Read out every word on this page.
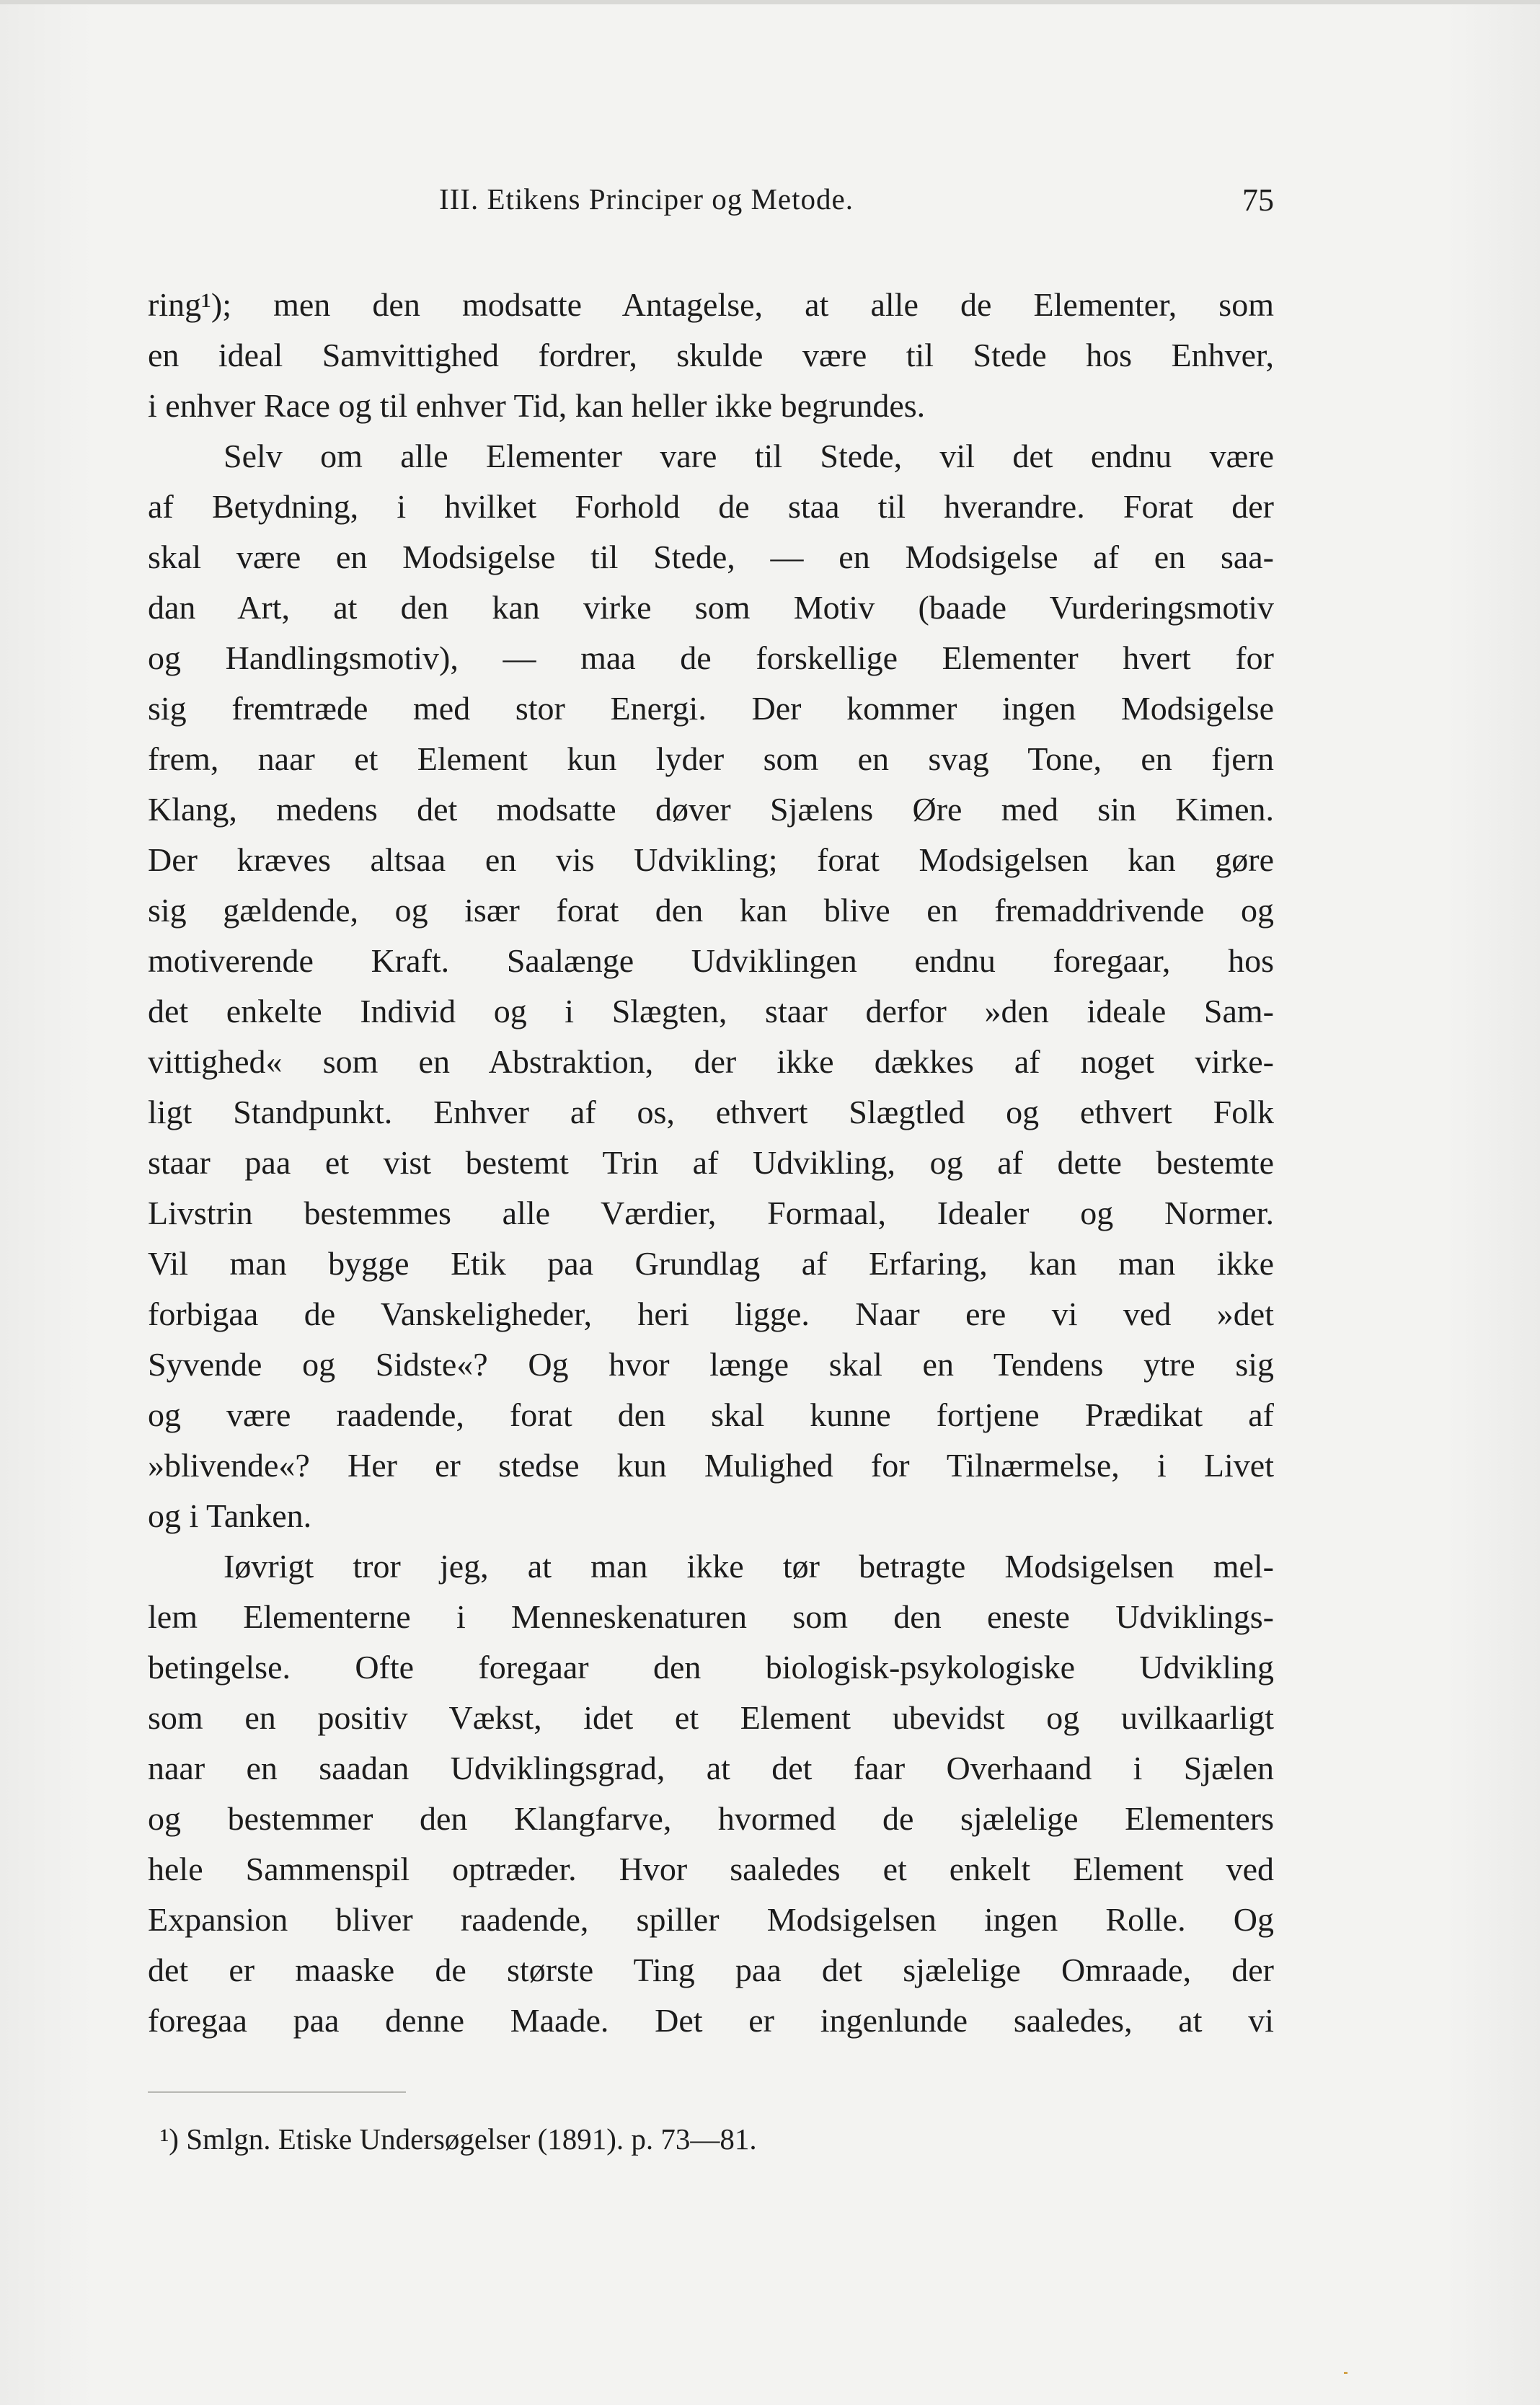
III. Etikens Principer og Metode.	75
ring¹); men den modsatte Antagelse, at alle de Elementer, som
en ideal Samvittighed fordrer, skulde være til Stede hos Enhver,
i enhver Race og til enhver Tid, kan heller ikke begrundes.
Selv om alle Elementer vare til Stede, vil det endnu være
af Betydning, i hvilket Forhold de staa til hverandre. Forat der
skal være en Modsigelse til Stede, — en Modsigelse af en saa-
dan Art, at den kan virke som Motiv (baade Vurderingsmotiv
og Handlingsmotiv), — maa de forskellige Elementer hvert for
sig fremtræde med stor Energi. Der kommer ingen Modsigelse
frem, naar et Element kun lyder som en svag Tone, en fjern
Klang, medens det modsatte døver Sjælens Øre med sin Kimen.
Der kræves altsaa en vis Udvikling; forat Modsigelsen kan gøre
sig gældende, og især forat den kan blive en fremaddrivende og
motiverende Kraft. Saalænge Udviklingen endnu foregaar, hos
det enkelte Individ og i Slægten, staar derfor »den ideale Sam-
vittighed« som en Abstraktion, der ikke dækkes af noget virke-
ligt Standpunkt. Enhver af os, ethvert Slægtled og ethvert Folk
staar paa et vist bestemt Trin af Udvikling, og af dette bestemte
Livstrin bestemmes alle Værdier, Formaal, Idealer og Normer.
Vil man bygge Etik paa Grundlag af Erfaring, kan man ikke
forbigaa de Vanskeligheder, heri ligge. Naar ere vi ved »det
Syvende og Sidste«? Og hvor længe skal en Tendens ytre sig
og være raadende, forat den skal kunne fortjene Prædikat af
»blivende«? Her er stedse kun Mulighed for Tilnærmelse, i Livet
og i Tanken.
Iøvrigt tror jeg, at man ikke tør betragte Modsigelsen mel-
lem Elementerne i Menneskenaturen som den eneste Udviklings-
betingelse. Ofte foregaar den biologisk-psykologiske Udvikling
som en positiv Vækst, idet et Element ubevidst og uvilkaarligt
naar en saadan Udviklingsgrad, at det faar Overhaand i Sjælen
og bestemmer den Klangfarve, hvormed de sjælelige Elementers
hele Sammenspil optræder. Hvor saaledes et enkelt Element ved
Expansion bliver raadende, spiller Modsigelsen ingen Rolle. Og
det er maaske de største Ting paa det sjælelige Omraade, der
foregaa paa denne Maade. Det er ingenlunde saaledes, at vi
¹) Smlgn. Etiske Undersøgelser (1891). p. 73—81.
